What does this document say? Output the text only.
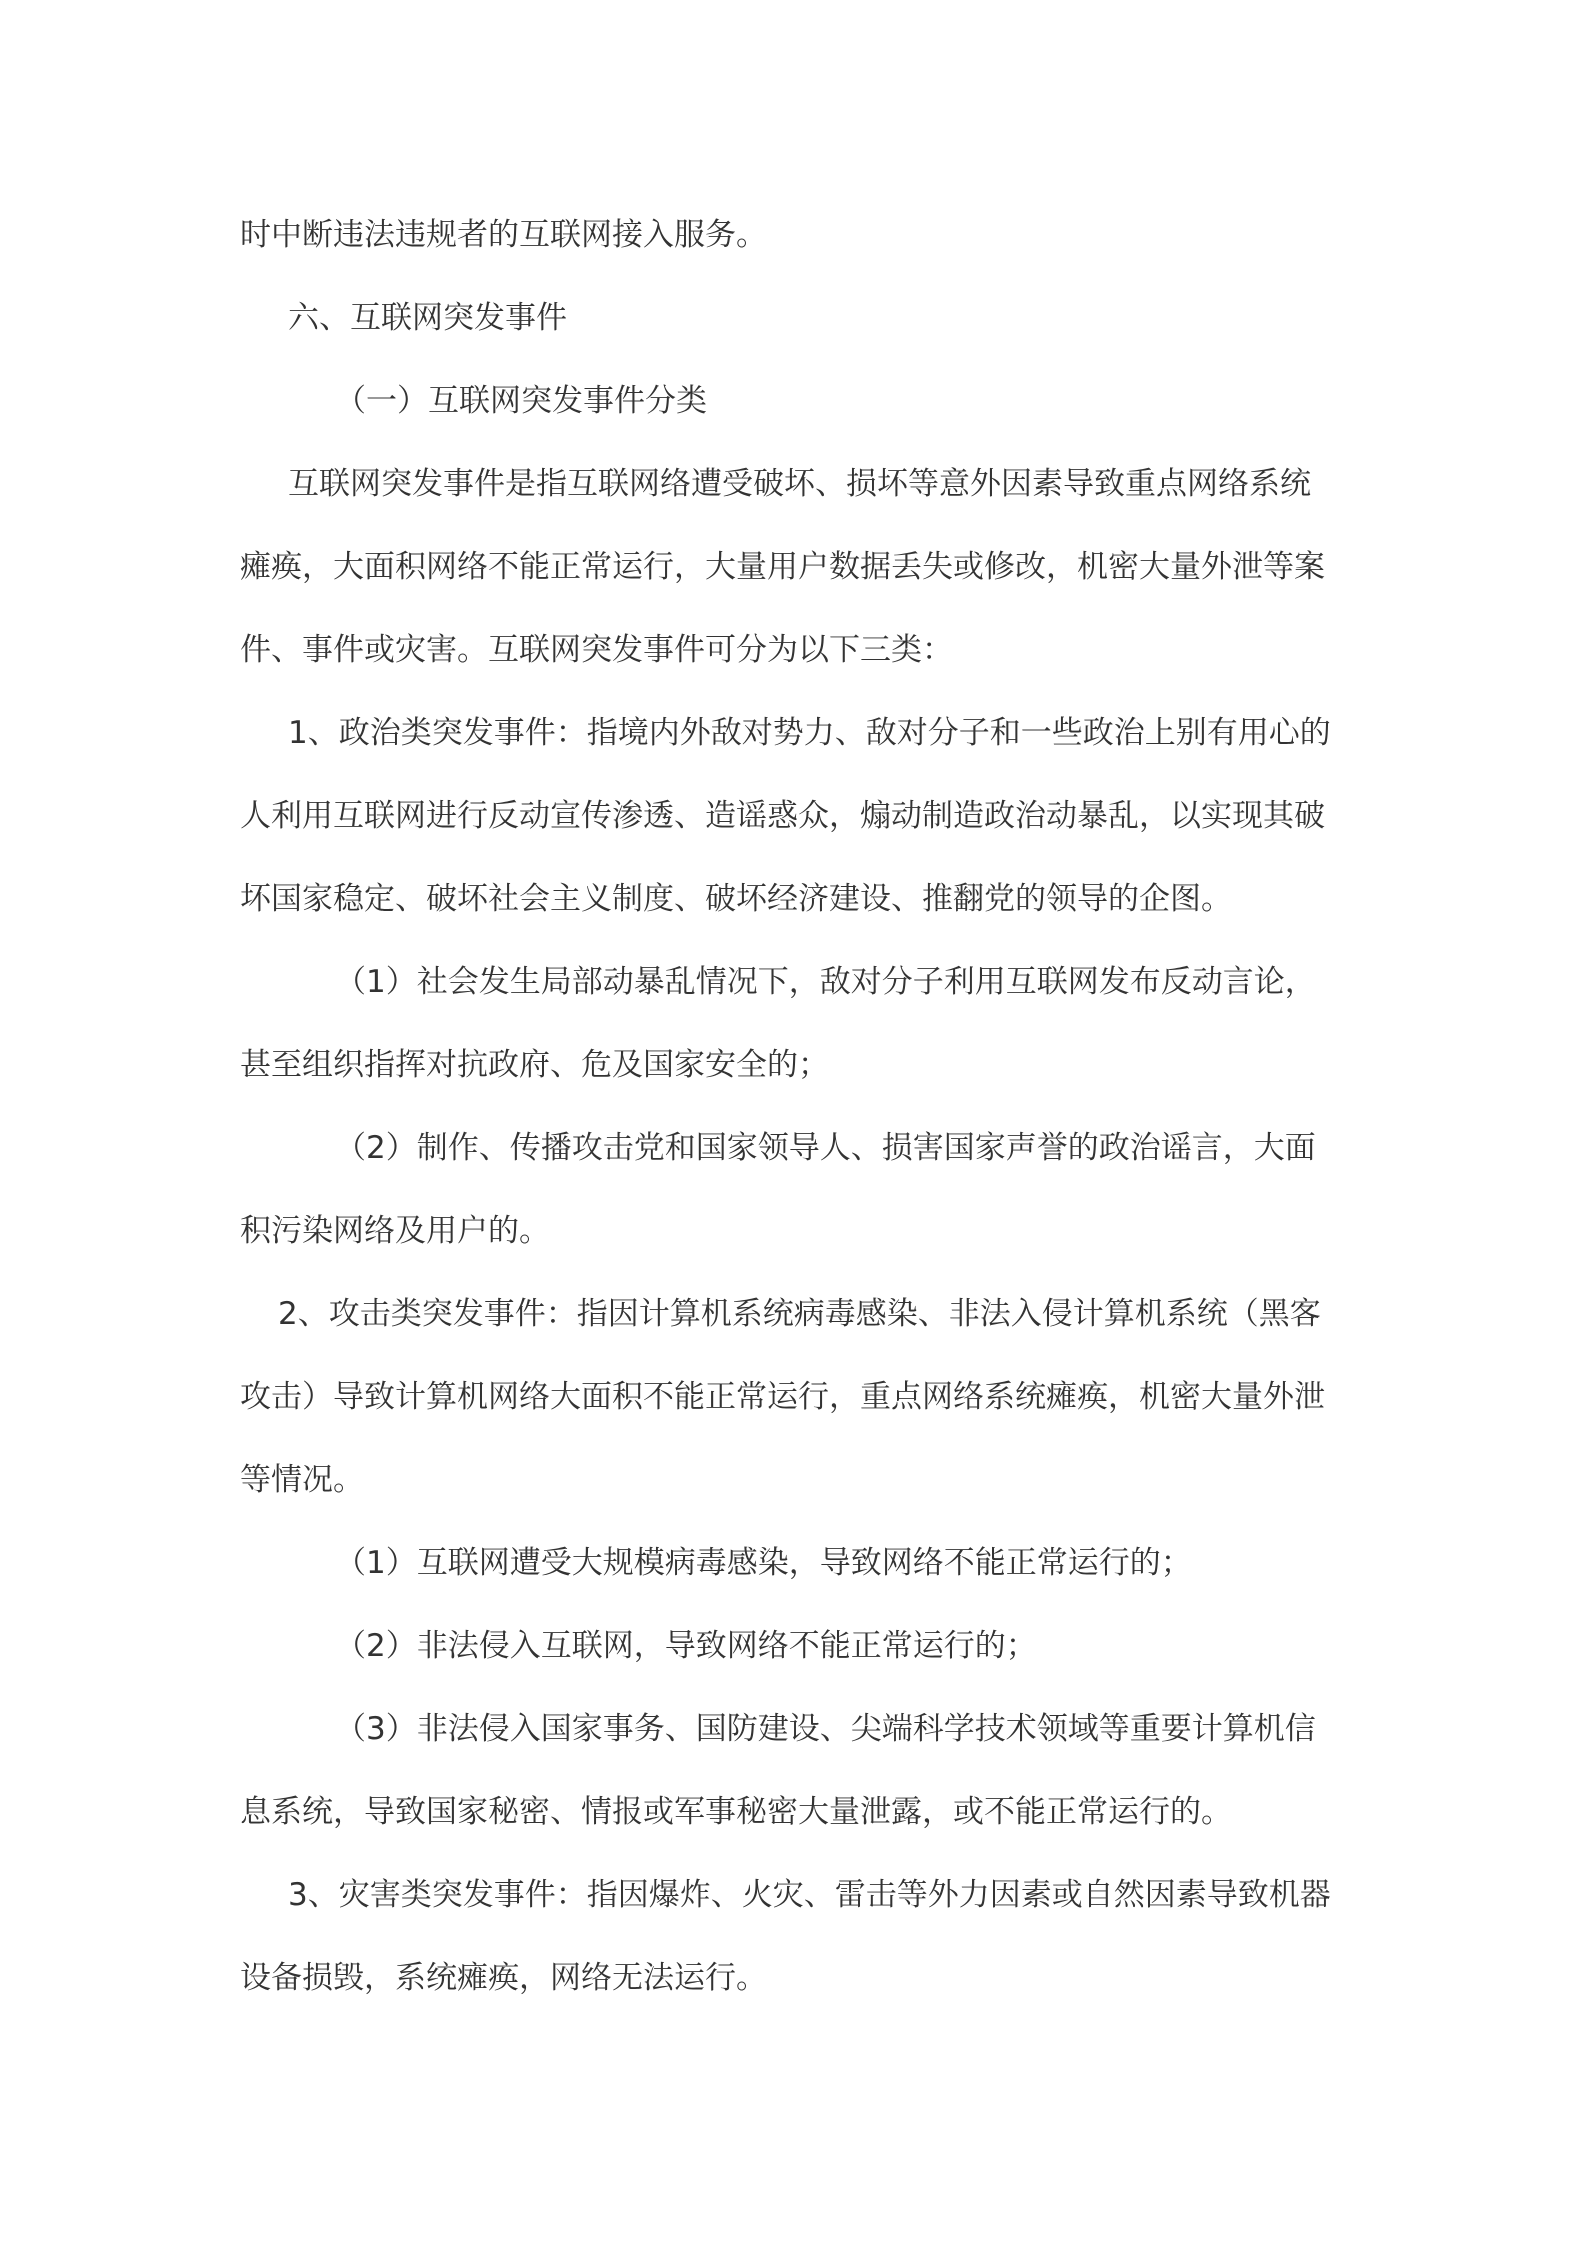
时中断违法违规者的互联网接入服务。

六、互联网突发事件

（一）互联网突发事件分类

互联网突发事件是指互联网络遭受破坏、损坏等意外因素导致重点网络系统
瘫痪，大面积网络不能正常运行，大量用户数据丢失或修改，机密大量外泄等案
件、事件或灾害。互联网突发事件可分为以下三类：

1、政治类突发事件：指境内外敌对势力、敌对分子和一些政治上别有用心的
人利用互联网进行反动宣传渗透、造谣惑众，煽动制造政治动暴乱，以实现其破
坏国家稳定、破坏社会主义制度、破坏经济建设、推翻党的领导的企图。

（1）社会发生局部动暴乱情况下，敌对分子利用互联网发布反动言论，
甚至组织指挥对抗政府、危及国家安全的；

（2）制作、传播攻击党和国家领导人、损害国家声誉的政治谣言，大面
积污染网络及用户的。

2、攻击类突发事件：指因计算机系统病毒感染、非法入侵计算机系统（黑客
攻击）导致计算机网络大面积不能正常运行，重点网络系统瘫痪，机密大量外泄
等情况。

（1）互联网遭受大规模病毒感染，导致网络不能正常运行的；

（2）非法侵入互联网，导致网络不能正常运行的；

（3）非法侵入国家事务、国防建设、尖端科学技术领域等重要计算机信
息系统，导致国家秘密、情报或军事秘密大量泄露，或不能正常运行的。

3、灾害类突发事件：指因爆炸、火灾、雷击等外力因素或自然因素导致机器
设备损毁，系统瘫痪，网络无法运行。
